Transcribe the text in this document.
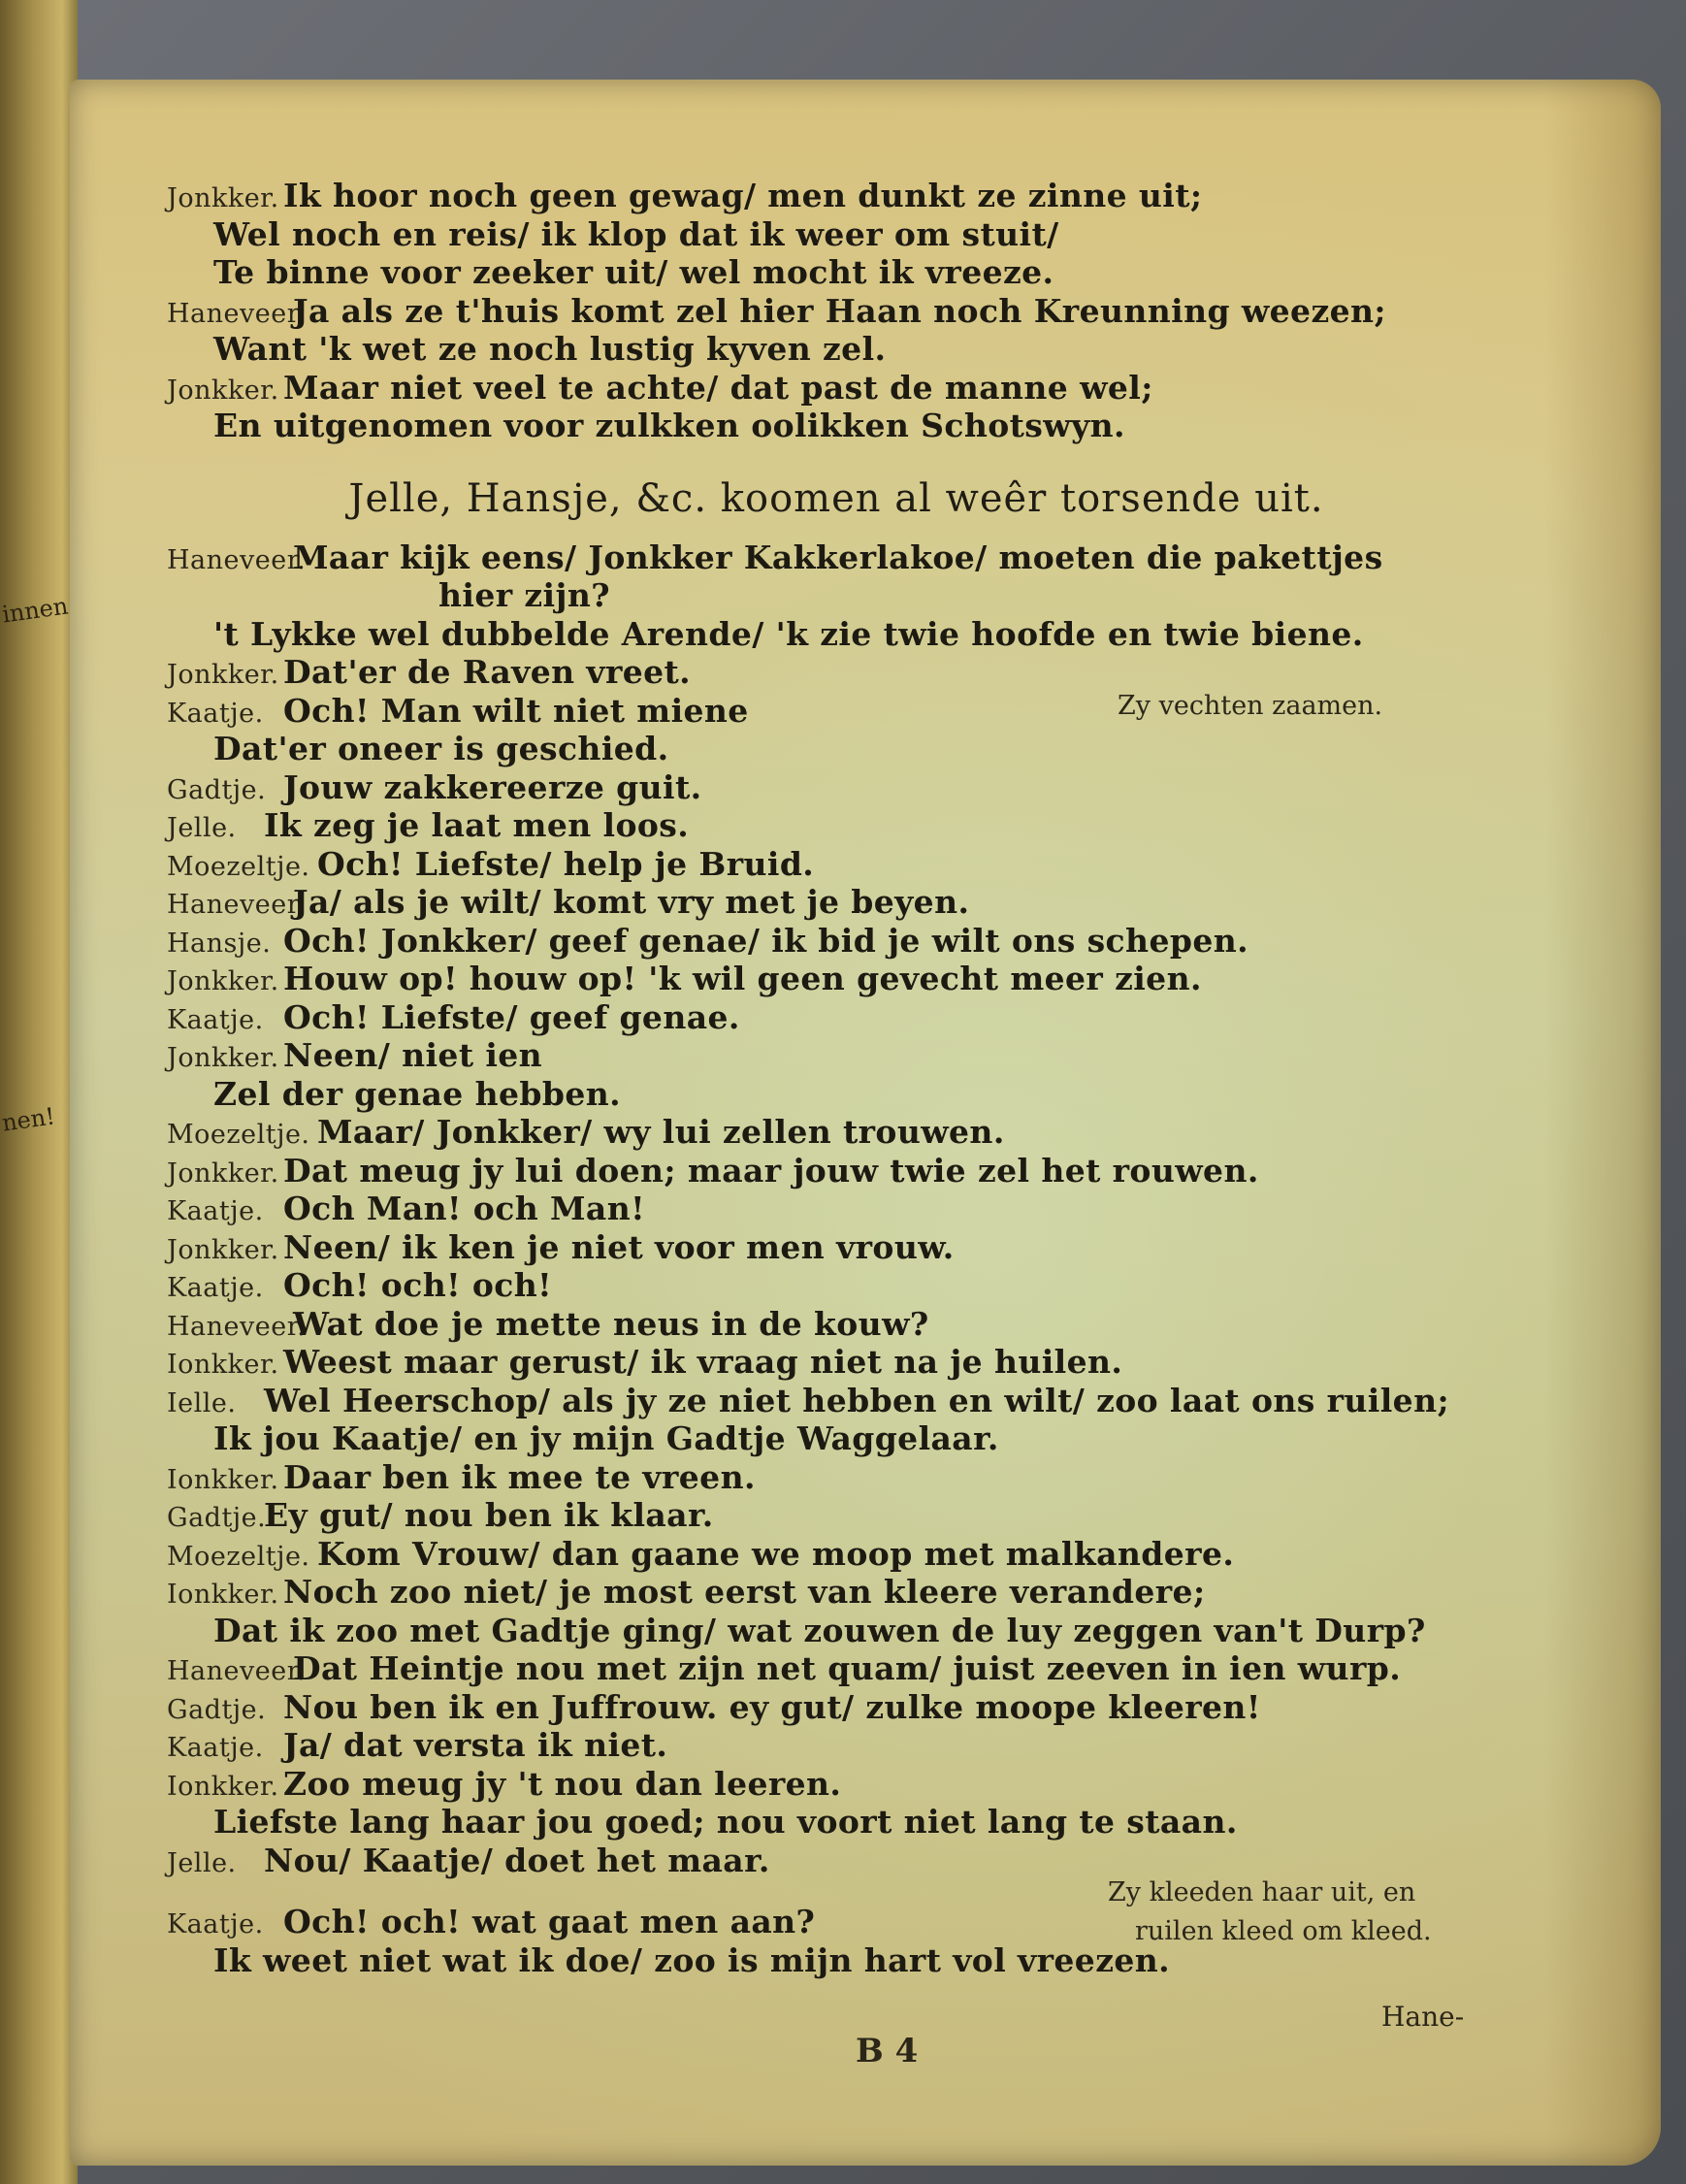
innen
nen!
Jonkker. Ik hoor noch geen gewag/ men dunkt ze zinne uit;
Wel noch en reis/ ik klop dat ik weer om stuit/
Te binne voor zeeker uit/ wel mocht ik vreeze.
Haneveer.Ja als ze t'huis komt zel hier Haan noch Kreunning weezen;
Want 'k wet ze noch lustig kyven zel.
Jonkker. Maar niet veel te achte/ dat past de manne wel;
En uitgenomen voor zulkken oolikken Schotswyn.
Jelle, Hansje, &c. koomen al weêr torsende uit.
Haneveer.Maar kijk eens/ Jonkker Kakkerlakoe/ moeten die pakettjes
hier zijn?
't Lykke wel dubbelde Arende/ 'k zie twie hoofde en twie biene.
Jonkker. Dat'er de Raven vreet.
Kaatje. Och! Man wilt niet miene
Dat'er oneer is geschied.
Gadtje. Jouw zakkereerze guit.
Jelle. Ik zeg je laat men loos.
Moezeltje. Och! Liefste/ help je Bruid.
Haneveer.Ja/ als je wilt/ komt vry met je beyen.
Hansje. Och! Jonkker/ geef genae/ ik bid je wilt ons schepen.
Jonkker. Houw op! houw op! 'k wil geen gevecht meer zien.
Kaatje. Och! Liefste/ geef genae.
Jonkker. Neen/ niet ien
Zel der genae hebben.
Moezeltje. Maar/ Jonkker/ wy lui zellen trouwen.
Jonkker. Dat meug jy lui doen; maar jouw twie zel het rouwen.
Kaatje. Och Man! och Man!
Jonkker. Neen/ ik ken je niet voor men vrouw.
Kaatje. Och! och! och!
Haneveer.Wat doe je mette neus in de kouw?
Ionkker. Weest maar gerust/ ik vraag niet na je huilen.
Ielle. Wel Heerschop/ als jy ze niet hebben en wilt/ zoo laat ons ruilen;
Ik jou Kaatje/ en jy mijn Gadtje Waggelaar.
Ionkker. Daar ben ik mee te vreen.
Gadtje.Ey gut/ nou ben ik klaar.
Moezeltje. Kom Vrouw/ dan gaane we moop met malkandere.
Ionkker. Noch zoo niet/ je most eerst van kleere verandere;
Dat ik zoo met Gadtje ging/ wat zouwen de luy zeggen van't Durp?
Haneveer.Dat Heintje nou met zijn net quam/ juist zeeven in ien wurp.
Gadtje. Nou ben ik en Juffrouw. ey gut/ zulke moope kleeren!
Kaatje. Ja/ dat versta ik niet.
Ionkker. Zoo meug jy 't nou dan leeren.
Liefste lang haar jou goed; nou voort niet lang te staan.
Jelle. Nou/ Kaatje/ doet het maar.
Kaatje. Och! och! wat gaat men aan?
Ik weet niet wat ik doe/ zoo is mijn hart vol vreezen.
Zy vechten zaamen.
Zy kleeden haar uit, en
ruilen kleed om kleed.
Hane-
B 4
